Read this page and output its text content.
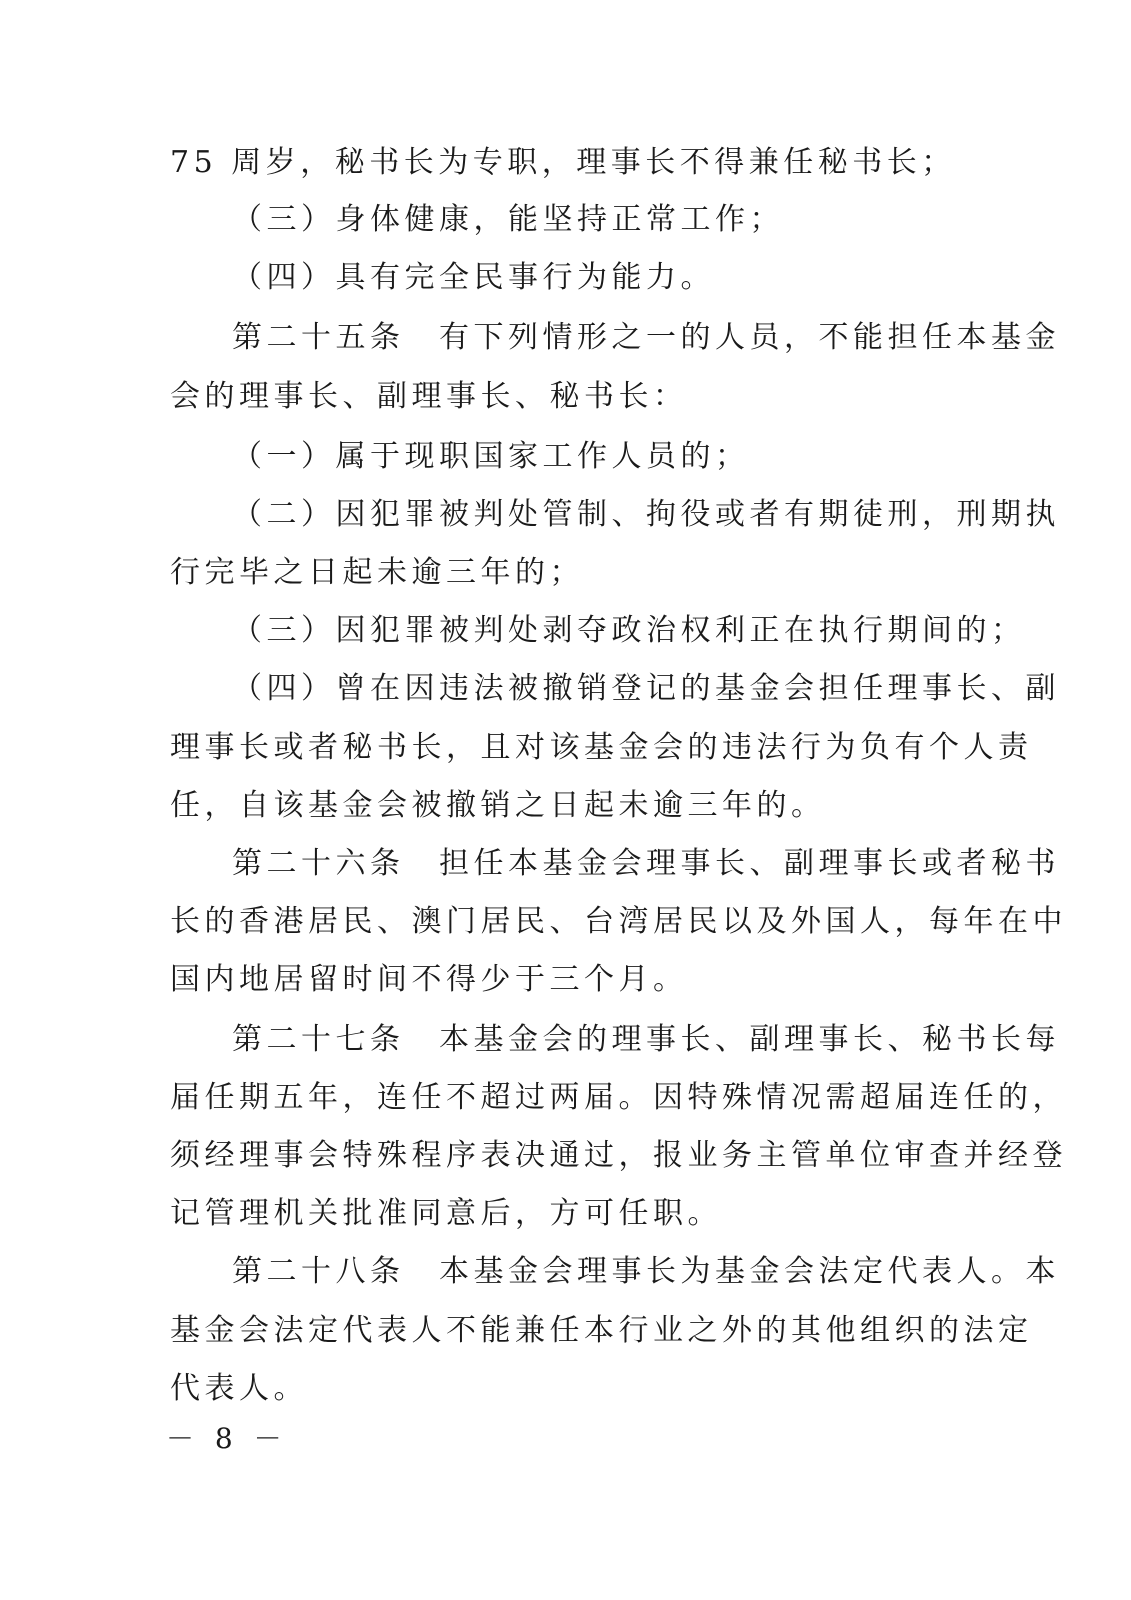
75 周岁，秘书长为专职，理事长不得兼任秘书长；
（三）身体健康，能坚持正常工作；
（四）具有完全民事行为能力。
第二十五条　有下列情形之一的人员，不能担任本基金
会的理事长、副理事长、秘书长：
（一）属于现职国家工作人员的；
（二）因犯罪被判处管制、拘役或者有期徒刑，刑期执
行完毕之日起未逾三年的；
（三）因犯罪被判处剥夺政治权利正在执行期间的；
（四）曾在因违法被撤销登记的基金会担任理事长、副
理事长或者秘书长，且对该基金会的违法行为负有个人责
任，自该基金会被撤销之日起未逾三年的。
第二十六条　担任本基金会理事长、副理事长或者秘书
长的香港居民、澳门居民、台湾居民以及外国人，每年在中
国内地居留时间不得少于三个月。
第二十七条　本基金会的理事长、副理事长、秘书长每
届任期五年，连任不超过两届。因特殊情况需超届连任的，
须经理事会特殊程序表决通过，报业务主管单位审查并经登
记管理机关批准同意后，方可任职。
第二十八条　本基金会理事长为基金会法定代表人。本
基金会法定代表人不能兼任本行业之外的其他组织的法定
代表人。
－ 8 －
